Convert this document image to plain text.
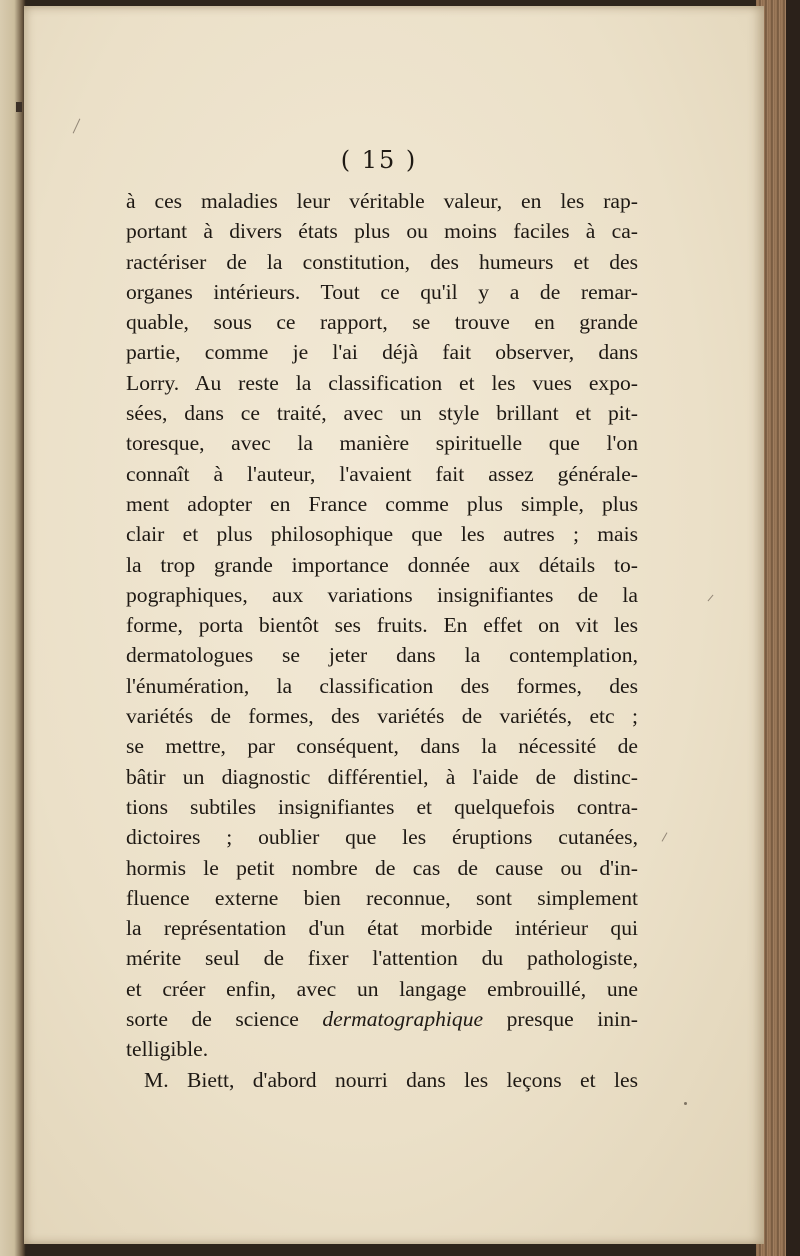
( 15 )
à ces maladies leur véritable valeur, en les rap-
portant à divers états plus ou moins faciles à ca-
ractériser de la constitution, des humeurs et des
organes intérieurs. Tout ce qu'il y a de remar-
quable, sous ce rapport, se trouve en grande
partie, comme je l'ai déjà fait observer, dans
Lorry. Au reste la classification et les vues expo-
sées, dans ce traité, avec un style brillant et pit-
toresque, avec la manière spirituelle que l'on
connaît à l'auteur, l'avaient fait assez générale-
ment adopter en France comme plus simple, plus
clair et plus philosophique que les autres ; mais
la trop grande importance donnée aux détails to-
pographiques, aux variations insignifiantes de la
forme, porta bientôt ses fruits. En effet on vit les
dermatologues se jeter dans la contemplation,
l'énumération, la classification des formes, des
variétés de formes, des variétés de variétés, etc ;
se mettre, par conséquent, dans la nécessité de
bâtir un diagnostic différentiel, à l'aide de distinc-
tions subtiles insignifiantes et quelquefois contra-
dictoires ; oublier que les éruptions cutanées,
hormis le petit nombre de cas de cause ou d'in-
fluence externe bien reconnue, sont simplement
la représentation d'un état morbide intérieur qui
mérite seul de fixer l'attention du pathologiste,
et créer enfin, avec un langage embrouillé, une
sorte de science dermatographique presque inin-
telligible.
M. Biett, d'abord nourri dans les leçons et les
